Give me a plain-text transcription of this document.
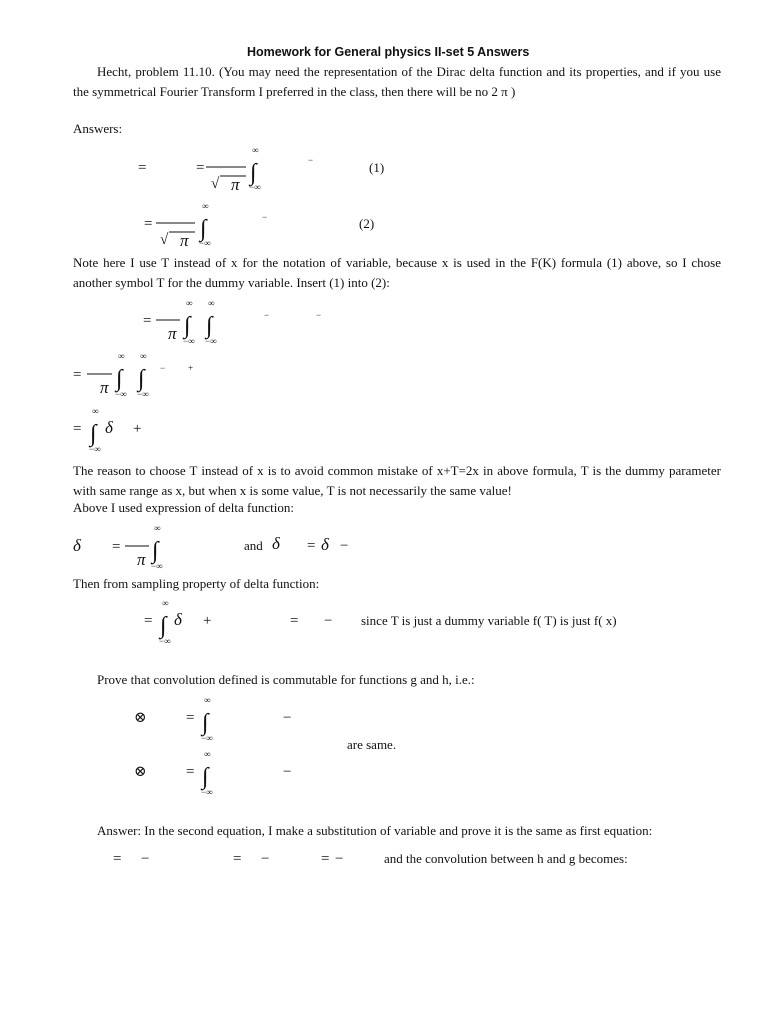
Homework for General physics II-set 5 Answers
Hecht, problem 11.10. (You may need the representation of the Dirac delta function and its properties, and if you use the symmetrical Fourier Transform I preferred in the class, then there will be no 2 π )
Answers:
=	=
√ π
∞
∫
−∞
−	(1)
=
√ π
∞
∫
−∞
−	(2)
=
π
∞
∫
−∞
∞
∫
−∞
−	−
=
π
∞
∫
−∞
∞
∫
−∞
−	+
=
∞
∫
−∞
δ +
δ =
π
∞
∫
−∞
and δ = δ −
=
∞
∫
−∞
δ +	= − since T is just a dummy variable f( T) is just f( x)
⊗	=
∞
∫
−∞
−
are same.
⊗	=
∞
∫
−∞
−
= −	= −	= −	and the convolution between h and g becomes:
Note here I use T instead of x for the notation of variable, because x is used in the F(K) formula (1) above, so I chose another symbol T for the dummy variable. Insert (1) into (2):
The reason to choose T instead of x is to avoid common mistake of x+T=2x in above formula, T is the dummy parameter with same range as x, but when x is some value, T is not necessarily the same value!
Above I used expression of delta function:
Then from sampling property of delta function:
Prove that convolution defined is commutable for functions g and h, i.e.:
Answer: In the second equation, I make a substitution of variable and prove it is the same as first equation:
